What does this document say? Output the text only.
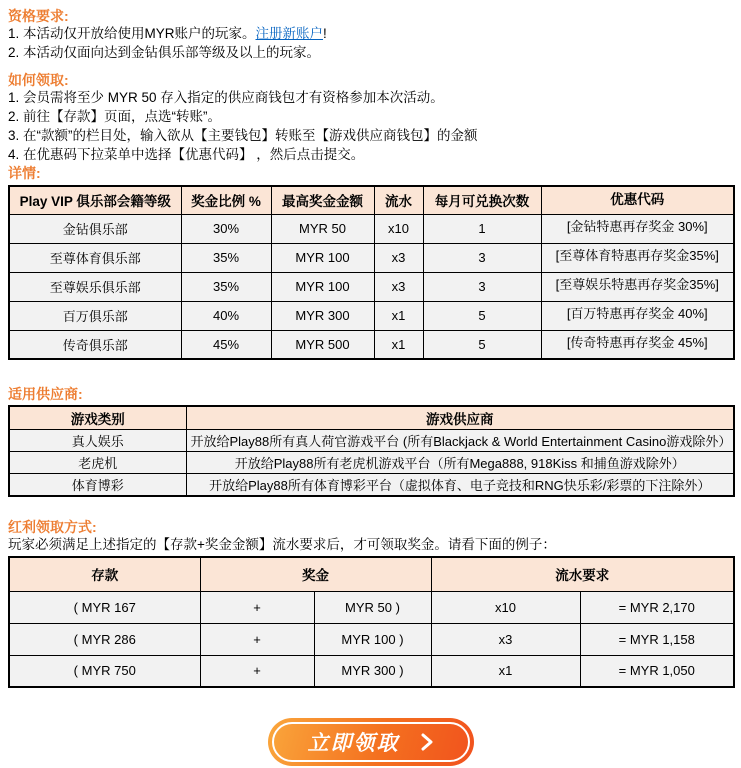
资格要求:
1. 本活动仅开放给使用MYR账户的玩家。注册新账户!
2. 本活动仅面向达到金钻俱乐部等级及以上的玩家。
如何领取:
1. 会员需将至少 MYR 50 存入指定的供应商钱包才有资格参加本次活动。
2. 前往【存款】页面，点选“转账”。
3. 在“款额”的栏目处，输入欲从【主要钱包】转账至【游戏供应商钱包】的金额
4. 在优惠码下拉菜单中选择【优惠代码】 ，然后点击提交。
详情:
Play VIP 俱乐部会籍等级	奖金比例 %	最高奖金金额	流水	每月可兑换次数	优惠代码
金钻俱乐部	30%	MYR 50	x10	1	[金钻特惠再存奖金 30%]
至尊体育俱乐部	35%	MYR 100	x3	3	[至尊体育特惠再存奖金35%]
至尊娱乐俱乐部	35%	MYR 100	x3	3	[至尊娱乐特惠再存奖金35%]
百万俱乐部	40%	MYR 300	x1	5	[百万特惠再存奖金 40%]
传奇俱乐部	45%	MYR 500	x1	5	[传奇特惠再存奖金 45%]
适用供应商:
游戏类别	游戏供应商
真人娱乐	开放给Play88所有真人荷官游戏平台 (所有Blackjack & World Entertainment Casino游戏除外）
老虎机	开放给Play88所有老虎机游戏平台（所有Mega888, 918Kiss 和捕鱼游戏除外）
体育博彩	开放给Play88所有体育博彩平台（虚拟体育、电子竞技和RNG快乐彩/彩票的下注除外）
红利领取方式:
玩家必须满足上述指定的【存款+奖金金额】流水要求后，才可领取奖金。请看下面的例子：
存款	奖金		流水要求	
( MYR 167	+	MYR 50 )	x10	= MYR 2,170
( MYR 286	+	MYR 100 )	x3	= MYR 1,158
( MYR 750	+	MYR 300 )	x1	= MYR 1,050
立即领取
